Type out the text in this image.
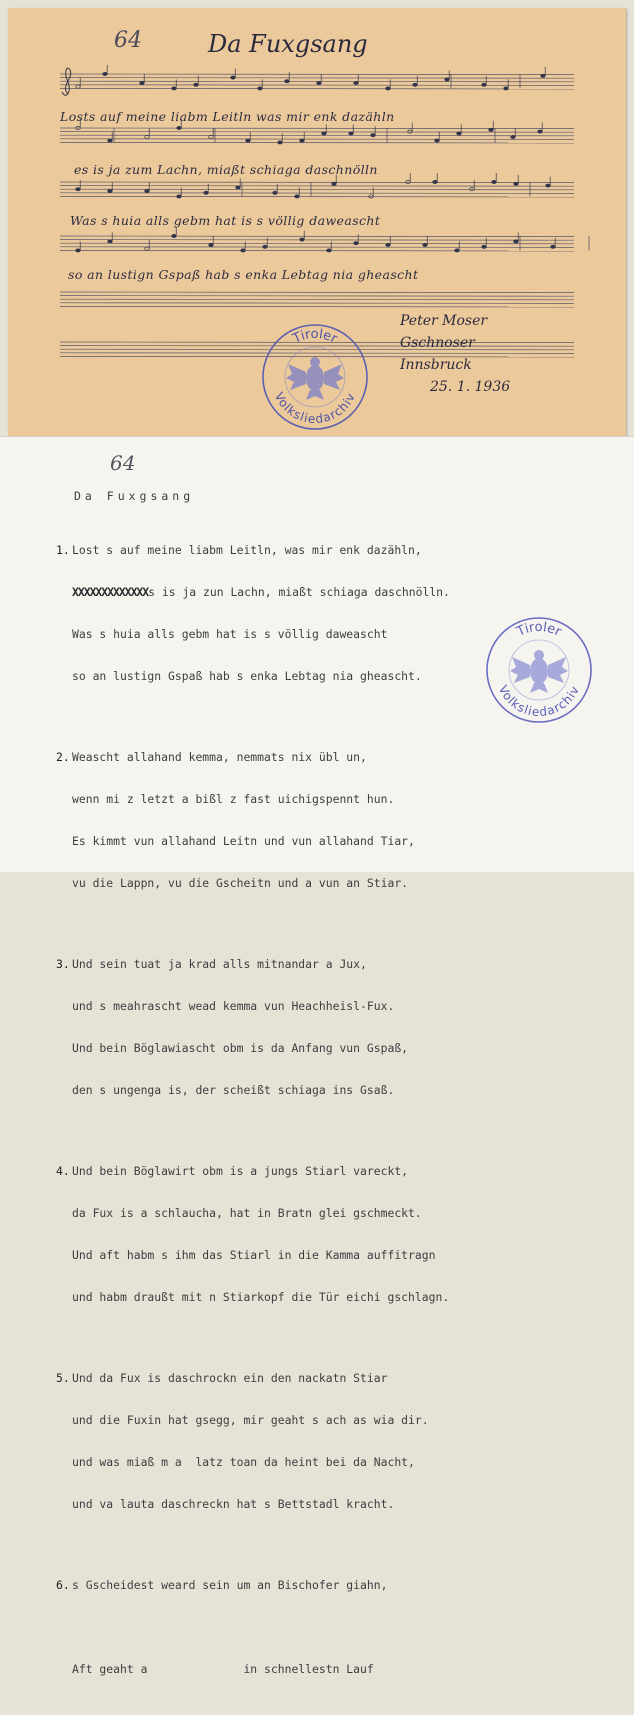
64	Da Fuxgsang
Losts auf meine liabm Leitln was mir enk dazähln
es is ja zum Lachn, miaßt schiaga daschnölln
Was s huia alls gebm hat is s völlig daweascht
so an lustign Gspaß hab s enka Lebtag nia gheascht
Peter Moser
Gschnoser
Innsbruck
25. 1. 1936
Tiroler
Volksliedarchiv
64
Da Fuxgsang

1. Lost s auf meine liabm Leitln, was mir enk dazähln,

XXXXXXXXXXXXXs is ja zun Lachn, miaßt schiaga daschnölln.

Was s huia alls gebm hat is s völlig daweascht

so an lustign Gspaß hab s enka Lebtag nia gheascht.

2. Weascht allahand kemma, nemmats nix übl un,

wenn mi z letzt a bißl z fast uichigspennt hun.

Es kimmt vun allahand Leitn und vun allahand Tiar,

vu die Lappn, vu die Gscheitn und a vun an Stiar.

3. Und sein tuat ja krad alls mitnandar a Jux,

und s meahrascht wead kemma vun Heachheisl-Fux.

Und bein Böglawiascht obm is da Anfang vun Gspaß,

den s ungenga is, der scheißt schiaga ins Gsaß.

4. Und bein Böglawirt obm is a jungs Stiarl vareckt,

da Fux is a schlaucha, hat in Bratn glei gschmeckt.

Und aft habm s ihm das Stiarl in die Kamma auffitragn

und habm draußt mit n Stiarkopf die Tür eichi gschlagn.

5. Und da Fux is daschrockn ein den nackatn Stiar

und die Fuxin hat gsegg, mir geaht s ach as wia dir.

und was miaß m a  latz toan da heint bei da Nacht,

und va lauta daschreckn hat s Bettstadl kracht.

6. s Gscheidest weard sein um an Bischofer giahn,

Aft geaht a              in schnellestn Lauf

Tiroler
Volksliedarchiv
